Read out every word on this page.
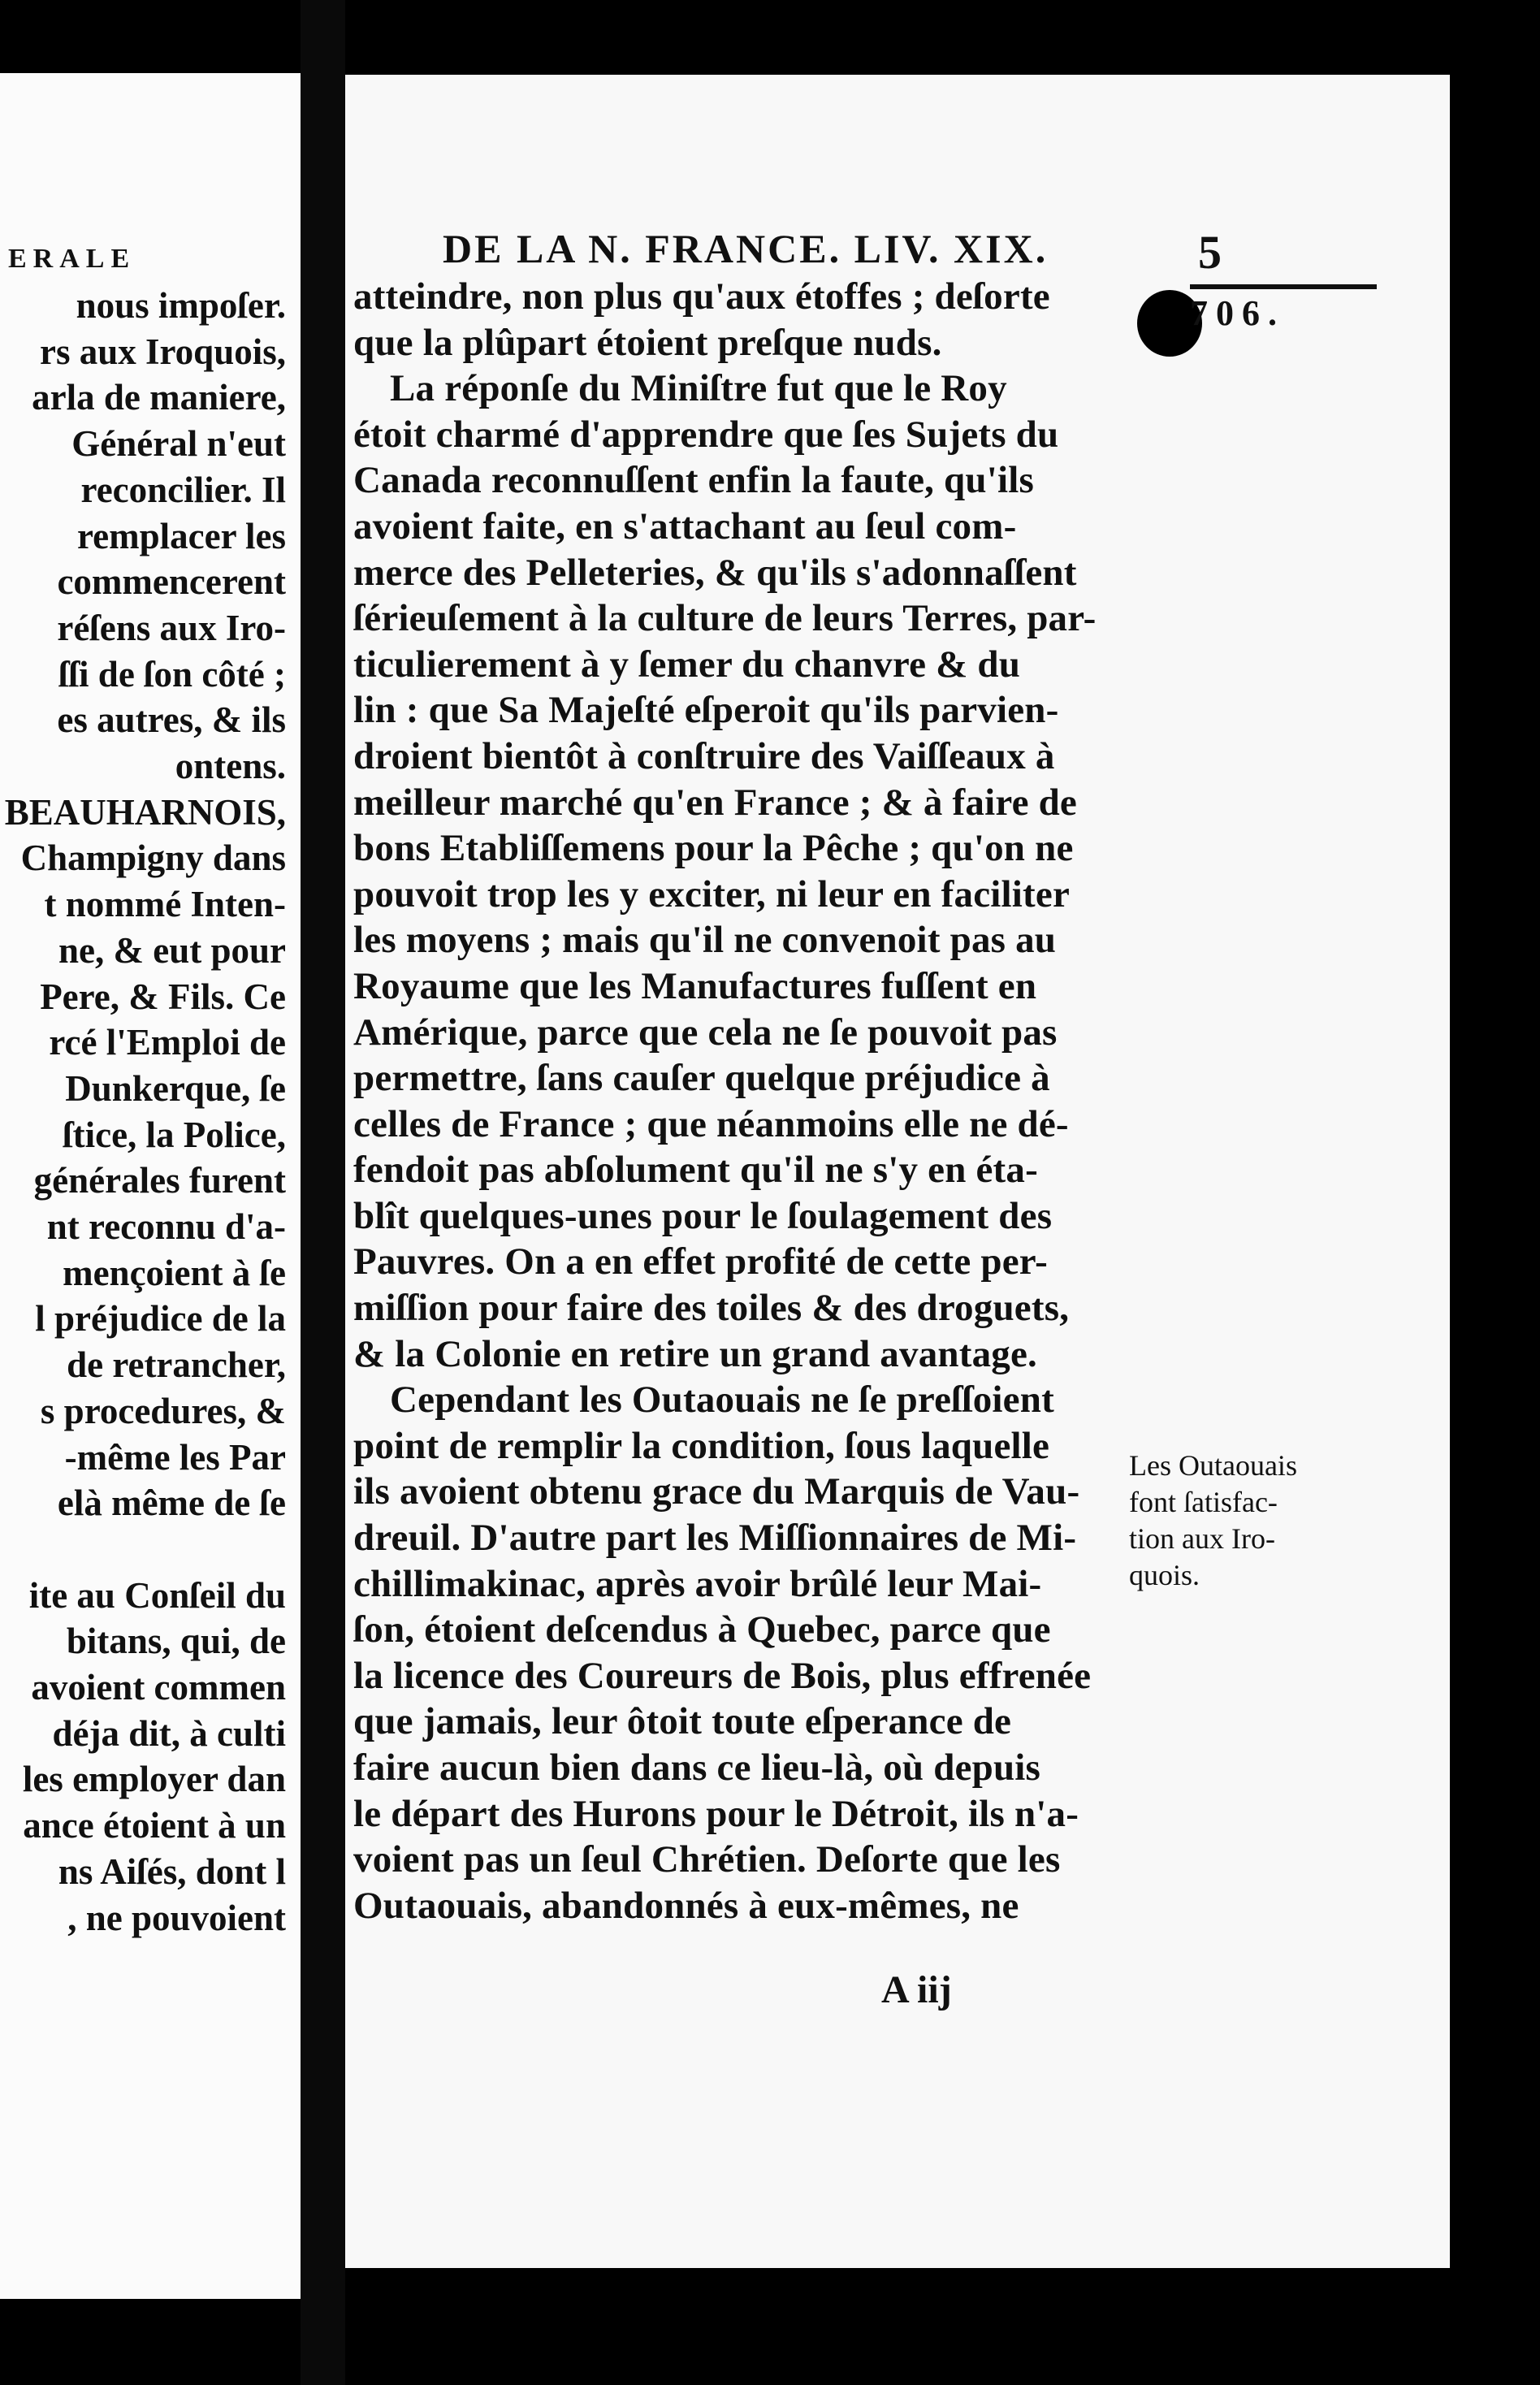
ERALE
nous impoſer.
rs aux Iroquois,
arla de maniere,
Général n'eut
reconcilier. Il
remplacer les
commencerent
réſens aux Iro-
ſſi de ſon côté ;
es autres, & ils
ontens.
BEAUHARNOIS,
Champigny dans
t nommé Inten-
ne, & eut pour
Pere, & Fils. Ce
rcé l'Emploi de
Dunkerque, ſe
ſtice, la Police,
générales furent
nt reconnu d'a-
mençoient à ſe
l préjudice de la
de retrancher,
s procedures, &
-même les Par
elà même de ſe
ite au Conſeil du
bitans, qui, de
avoient commen
déja dit, à culti
les employer dan
ance étoient à un
ns Aiſés, dont l
, ne pouvoient
DE LA N. FRANCE. LIV. XIX.	5
706.
atteindre, non plus qu'aux étoffes ; deſorte
que la plûpart étoient preſque nuds.
La réponſe du Miniſtre fut que le Roy
étoit charmé d'apprendre que ſes Sujets du
Canada reconnuſſent enfin la faute, qu'ils
avoient faite, en s'attachant au ſeul com-
merce des Pelleteries, & qu'ils s'adonnaſſent
ſérieuſement à la culture de leurs Terres, par-
ticulierement à y ſemer du chanvre & du
lin : que Sa Majeſté eſperoit qu'ils parvien-
droient bientôt à conſtruire des Vaiſſeaux à
meilleur marché qu'en France ; & à faire de
bons Etabliſſemens pour la Pêche ; qu'on ne
pouvoit trop les y exciter, ni leur en faciliter
les moyens ; mais qu'il ne convenoit pas au
Royaume que les Manufactures fuſſent en
Amérique, parce que cela ne ſe pouvoit pas
permettre, ſans cauſer quelque préjudice à
celles de France ; que néanmoins elle ne dé-
fendoit pas abſolument qu'il ne s'y en éta-
blît quelques-unes pour le ſoulagement des
Pauvres. On a en effet profité de cette per-
miſſion pour faire des toiles & des droguets,
& la Colonie en retire un grand avantage.
Cependant les Outaouais ne ſe preſſoient
point de remplir la condition, ſous laquelle
ils avoient obtenu grace du Marquis de Vau-
dreuil. D'autre part les Miſſionnaires de Mi-
chillimakinac, après avoir brûlé leur Mai-
ſon, étoient deſcendus à Quebec, parce que
la licence des Coureurs de Bois, plus effrenée
que jamais, leur ôtoit toute eſperance de
faire aucun bien dans ce lieu-là, où depuis
le départ des Hurons pour le Détroit, ils n'a-
voient pas un ſeul Chrétien. Deſorte que les
Outaouais, abandonnés à eux-mêmes, ne
A iij
Les Outaouais
font ſatisfac-
tion aux Iro-
quois.
